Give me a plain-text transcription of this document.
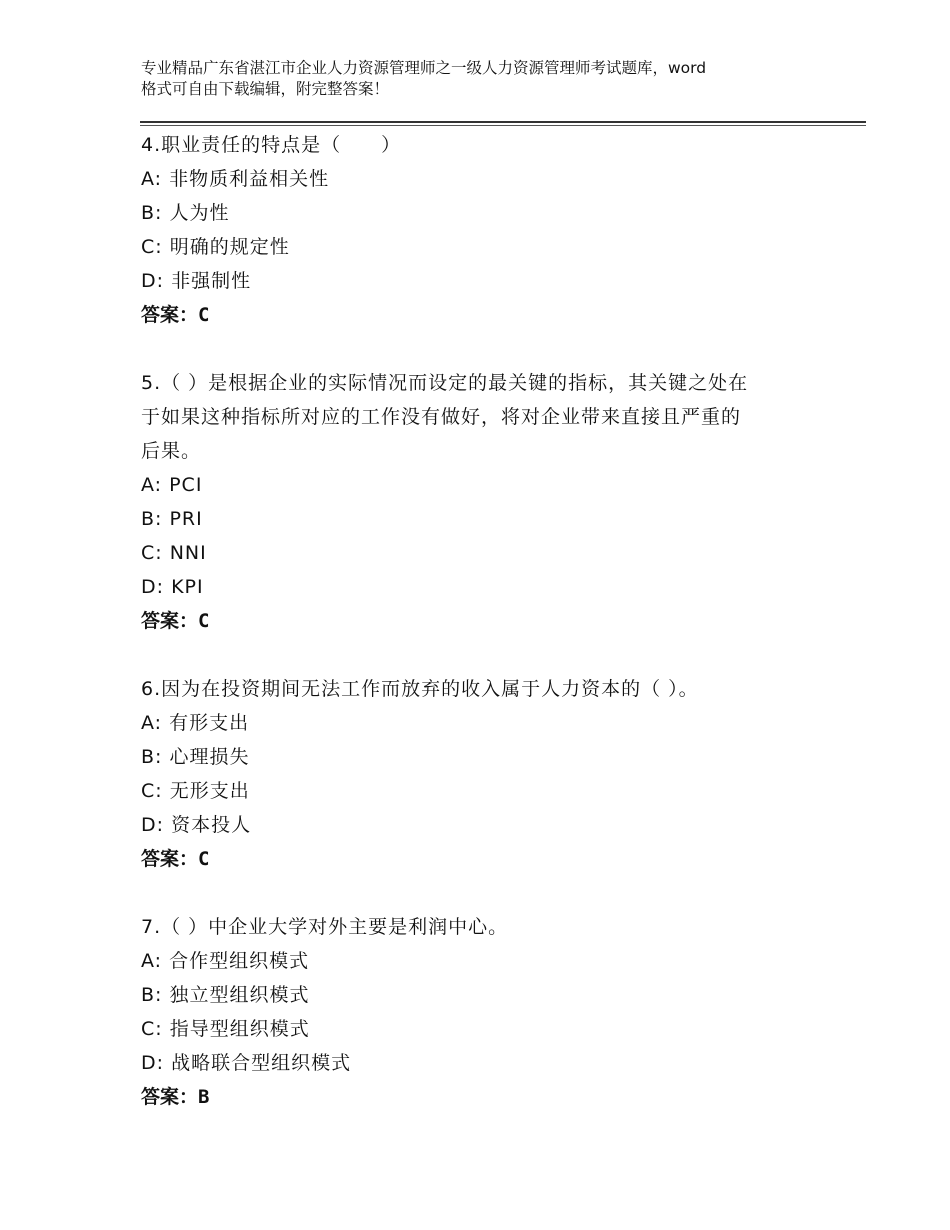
专业精品广东省湛江市企业人力资源管理师之一级人力资源管理师考试题库，word
格式可自由下载编辑，附完整答案！
4.职业责任的特点是（　　）
A: 非物质利益相关性
B: 人为性
C: 明确的规定性
D: 非强制性
答案：C
5.（ ）是根据企业的实际情况而设定的最关键的指标，其关键之处在
于如果这种指标所对应的工作没有做好，将对企业带来直接且严重的
后果。
A: PCI
B: PRI
C: NNI
D: KPI
答案：C
6.因为在投资期间无法工作而放弃的收入属于人力资本的（ ）。
A: 有形支出
B: 心理损失
C: 无形支出
D: 资本投人
答案：C
7.（ ）中企业大学对外主要是利润中心。
A: 合作型组织模式
B: 独立型组织模式
C: 指导型组织模式
D: 战略联合型组织模式
答案：B
